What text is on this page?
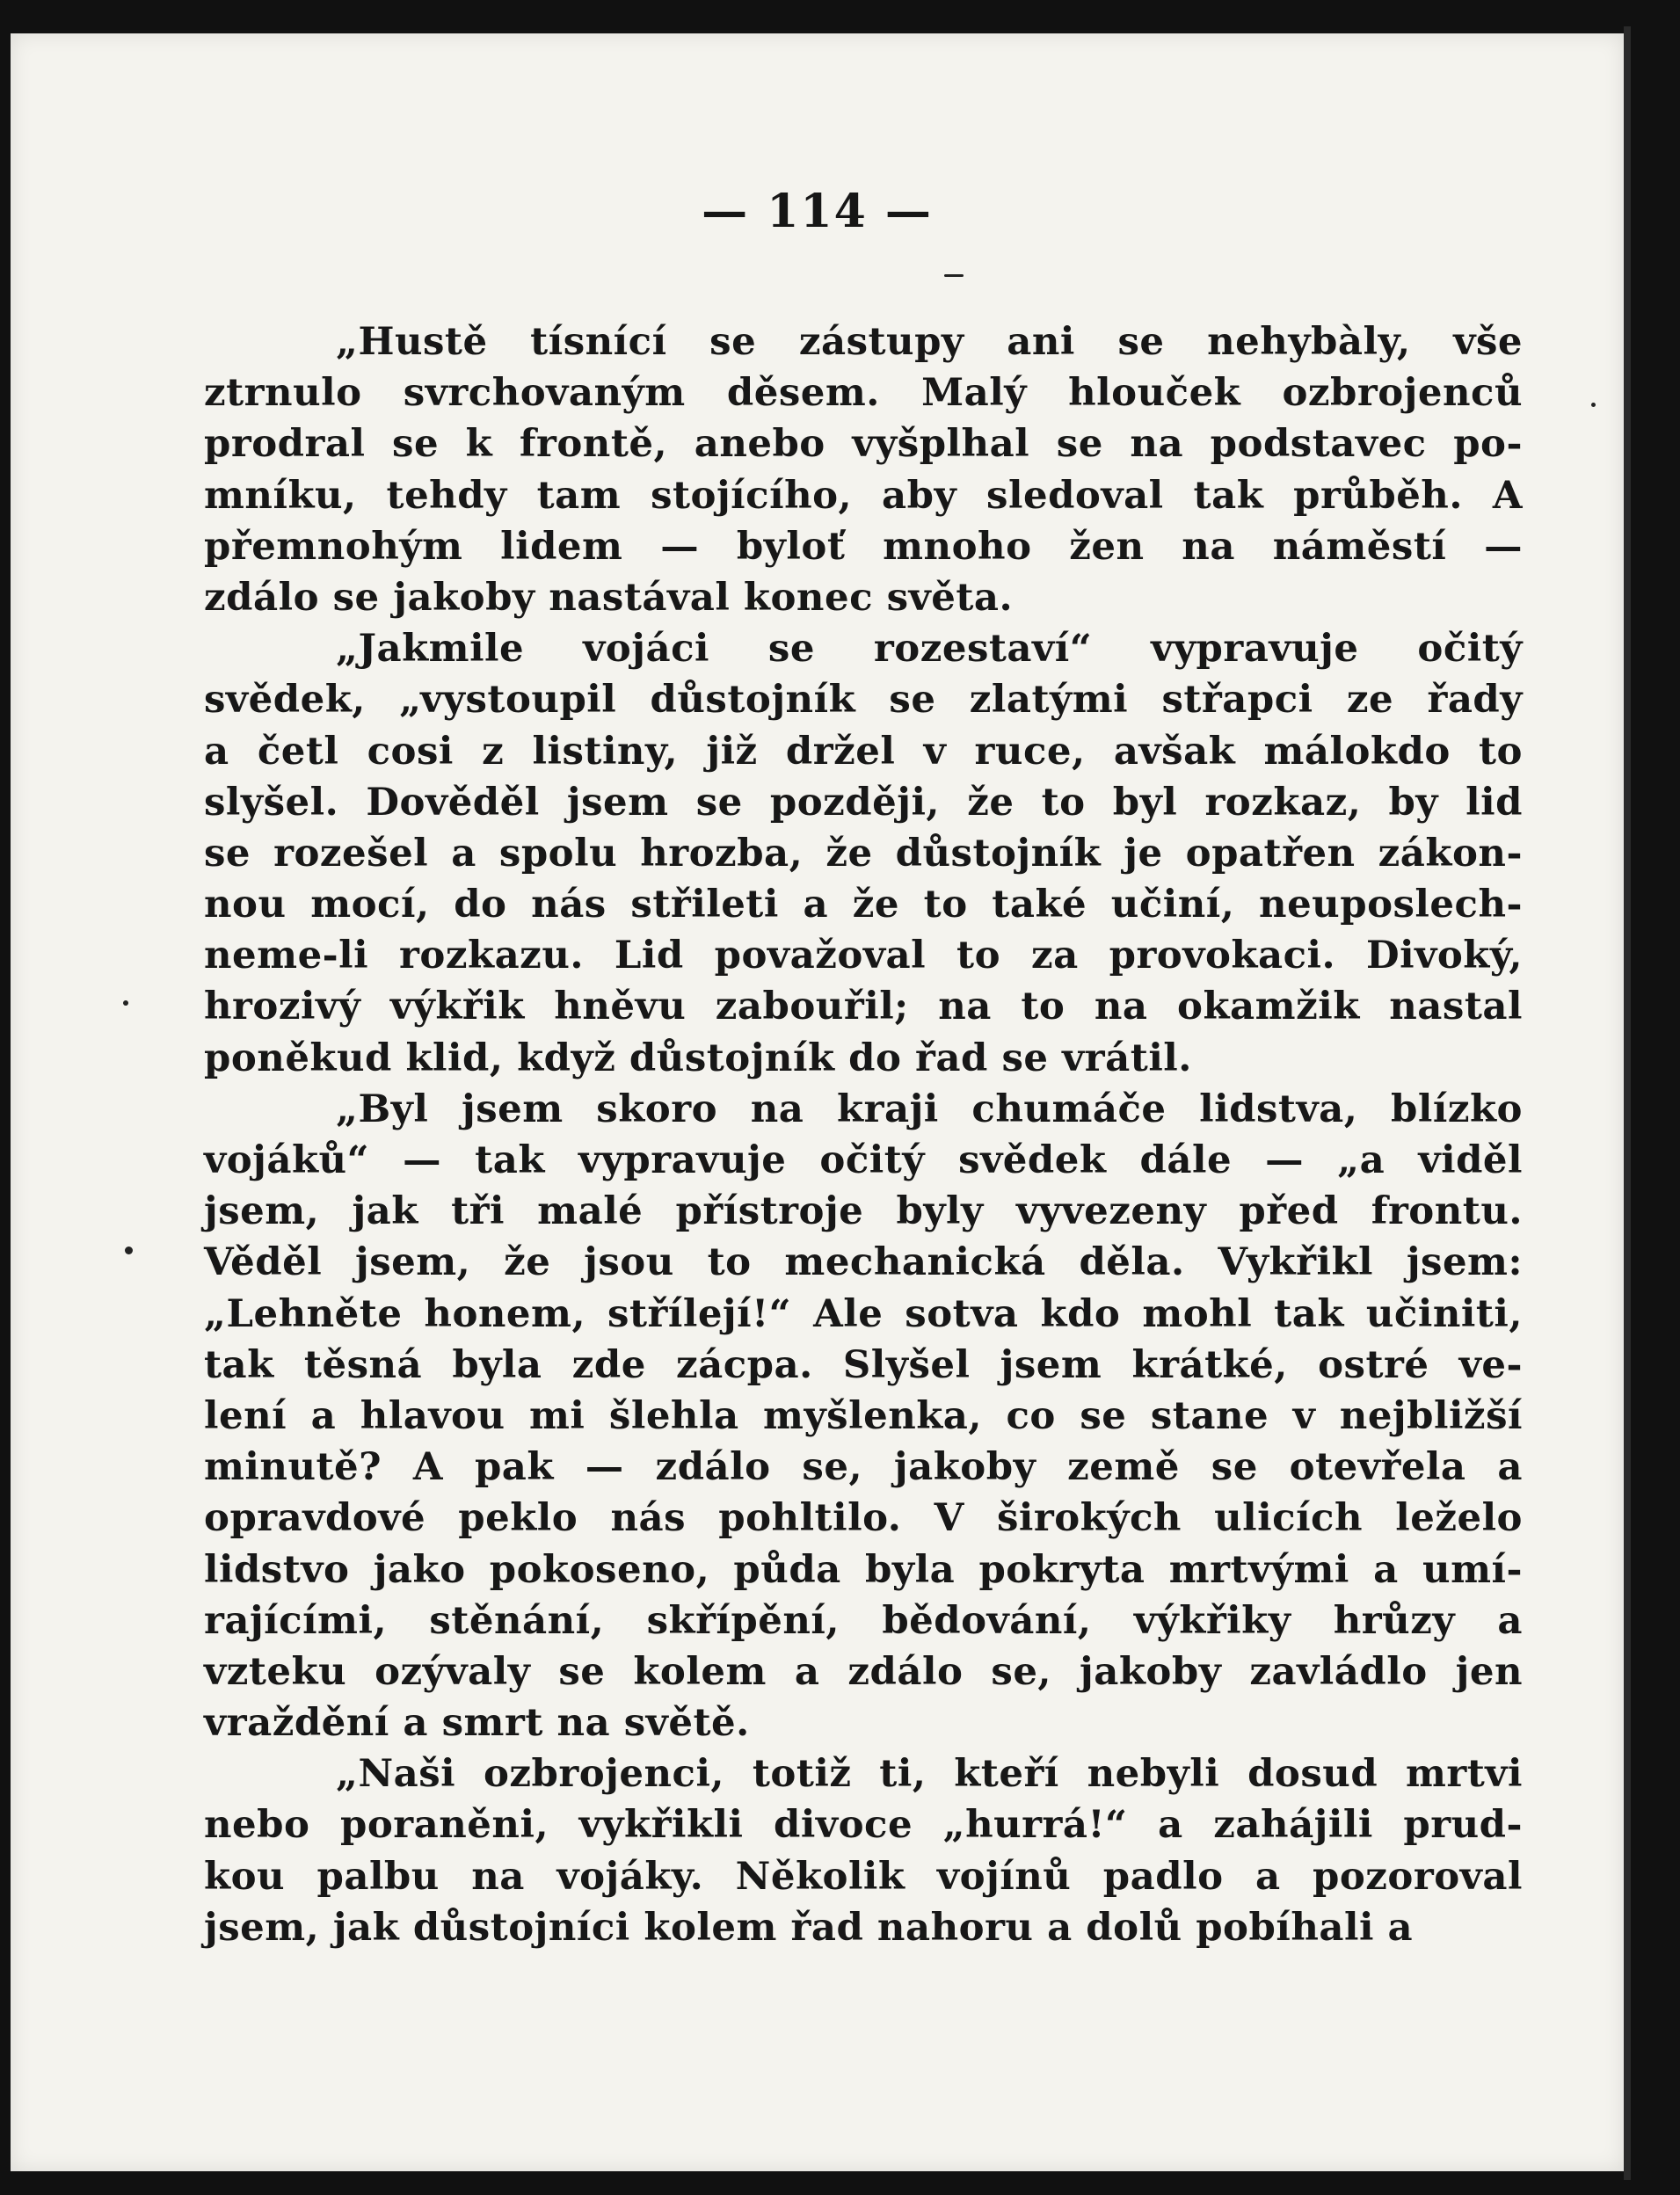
— 114 —
„Hustě tísnící se zástupy ani se nehybàly, vše
ztrnulo svrchovaným děsem. Malý hlouček ozbrojenců
prodral se k frontě, anebo vyšplhal se na podstavec po-
mníku, tehdy tam stojícího, aby sledoval tak průběh. A
přemnohým lidem — byloť mnoho žen na náměstí —
zdálo se jakoby nastával konec světa.
„Jakmile vojáci se rozestaví“ vypravuje očitý
svědek, „vystoupil důstojník se zlatými střapci ze řady
a četl cosi z listiny, již držel v ruce, avšak málokdo to
slyšel. Dověděl jsem se později, že to byl rozkaz, by lid
se rozešel a spolu hrozba, že důstojník je opatřen zákon-
nou mocí, do nás střileti a že to také učiní, neuposlech-
neme-li rozkazu. Lid považoval to za provokaci. Divoký,
hrozivý výkřik hněvu zabouřil; na to na okamžik nastal
poněkud klid, když důstojník do řad se vrátil.
„Byl jsem skoro na kraji chumáče lidstva, blízko
vojáků“ — tak vypravuje očitý svědek dále — „a viděl
jsem, jak tři malé přístroje byly vyvezeny před frontu.
Věděl jsem, že jsou to mechanická děla. Vykřikl jsem:
„Lehněte honem, střílejí!“ Ale sotva kdo mohl tak učiniti,
tak těsná byla zde zácpa. Slyšel jsem krátké, ostré ve-
lení a hlavou mi šlehla myšlenka, co se stane v nejbližší
minutě? A pak — zdálo se, jakoby země se otevřela a
opravdové peklo nás pohltilo. V širokých ulicích leželo
lidstvo jako pokoseno, půda byla pokryta mrtvými a umí-
rajícími, stěnání, skřípění, bědování, výkřiky hrůzy a
vzteku ozývaly se kolem a zdálo se, jakoby zavládlo jen
vraždění a smrt na světě.
„Naši ozbrojenci, totiž ti, kteří nebyli dosud mrtvi
nebo poraněni, vykřikli divoce „hurrá!“ a zahájili prud-
kou palbu na vojáky. Několik vojínů padlo a pozoroval
jsem, jak důstojníci kolem řad nahoru a dolů pobíhali a
